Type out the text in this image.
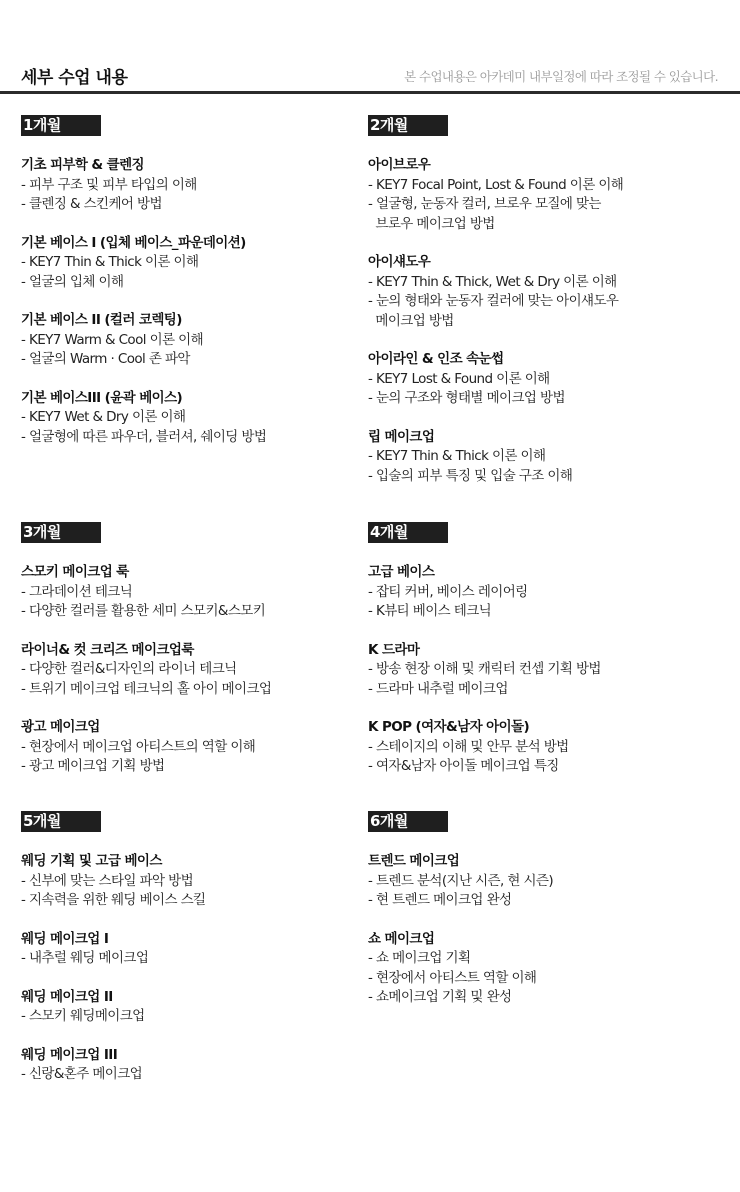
세부 수업 내용	본 수업내용은 아카데미 내부일정에 따라 조정될 수 있습니다.
1개월
기초 피부학 & 클렌징
- 피부 구조 및 피부 타입의 이해
- 클렌징 & 스킨케어 방법
기본 베이스 I (입체 베이스_파운데이션)
- KEY7 Thin & Thick 이론 이해
- 얼굴의 입체 이해
기본 베이스 II (컬러 코렉팅)
- KEY7 Warm & Cool 이론 이해
- 얼굴의 Warm · Cool 존 파악
기본 베이스III (윤곽 베이스)
- KEY7 Wet & Dry 이론 이해
- 얼굴형에 따른 파우더, 블러셔, 쉐이딩 방법
2개월
아이브로우
- KEY7 Focal Point, Lost & Found 이론 이해
- 얼굴형, 눈동자 컬러, 브로우 모질에 맞는
브로우 메이크업 방법
아이섀도우
- KEY7 Thin & Thick, Wet & Dry 이론 이해
- 눈의 형태와 눈동자 컬러에 맞는 아이섀도우
메이크업 방법
아이라인 & 인조 속눈썹
- KEY7 Lost & Found 이론 이해
- 눈의 구조와 형태별 메이크업 방법
립 메이크업
- KEY7 Thin & Thick 이론 이해
- 입술의 피부 특징 및 입술 구조 이해
3개월
스모키 메이크업 룩
- 그라데이션 테크닉
- 다양한 컬러를 활용한 세미 스모키&스모키
라이너& 컷 크리즈 메이크업룩
- 다양한 컬러&디자인의 라이너 테크닉
- 트위기 메이크업 테크닉의 홀 아이 메이크업
광고 메이크업
- 현장에서 메이크업 아티스트의 역할 이해
- 광고 메이크업 기획 방법
4개월
고급 베이스
- 잡티 커버, 베이스 레이어링
- K뷰티 베이스 테크닉
K 드라마
- 방송 현장 이해 및 캐릭터 컨셉 기획 방법
- 드라마 내추럴 메이크업
K POP (여자&남자 아이돌)
- 스테이지의 이해 및 안무 분석 방법
- 여자&남자 아이돌 메이크업 특징
5개월
웨딩 기획 및 고급 베이스
- 신부에 맞는 스타일 파악 방법
- 지속력을 위한 웨딩 베이스 스킬
웨딩 메이크업 I
- 내추럴 웨딩 메이크업
웨딩 메이크업 II
- 스모키 웨딩메이크업
웨딩 메이크업 III
- 신랑&혼주 메이크업
6개월
트렌드 메이크업
- 트렌드 분석(지난 시즌, 현 시즌)
- 현 트렌드 메이크업 완성
쇼 메이크업
- 쇼 메이크업 기획
- 현장에서 아티스트 역할 이해
- 쇼메이크업 기획 및 완성
